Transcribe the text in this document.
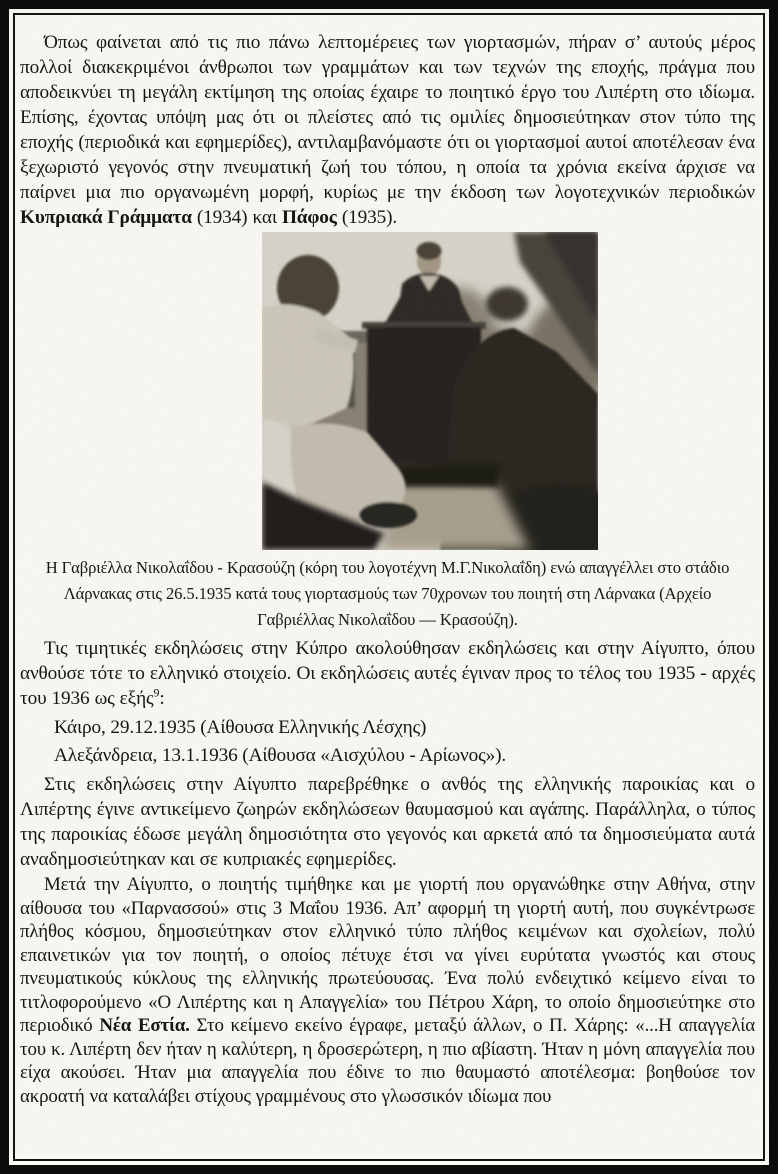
Όπως φαίνεται από τις πιο πάνω λεπτομέρειες των γιορτασμών, πήραν σ’ αυτούς μέρος πολλοί διακεκριμένοι άνθρωποι των γραμμάτων και των τεχνών της εποχής, πράγμα που αποδεικνύει τη μεγάλη εκτίμηση της οποίας έχαιρε το ποιητικό έργο του Λιπέρτη στο ιδίωμα. Επίσης, έχοντας υπόψη μας ότι οι πλείστες από τις ομιλίες δημοσιεύτηκαν στον τύπο της εποχής (περιοδικά και εφημερίδες), αντιλαμβανόμαστε ότι οι γιορτασμοί αυτοί αποτέλεσαν ένα ξεχωριστό γεγονός στην πνευματική ζωή του τόπου, η οποία τα χρόνια εκείνα άρχισε να παίρνει μια πιο οργανωμένη μορφή, κυρίως με την έκδοση των λογοτεχνικών περιοδικών Κυπριακά Γράμματα (1934) και Πάφος (1935).

Η Γαβριέλλα Νικολαΐδου - Κρασούζη (κόρη του λογοτέχνη Μ.Γ.Νικολαΐδη) ενώ απαγγέλλει στο στάδιο Λάρνακας στις 26.5.1935 κατά τους γιορτασμούς των 70χρονων του ποιητή στη Λάρνακα (Αρχείο Γαβριέλλας Νικολαΐδου — Κρασούζη).

Τις τιμητικές εκδηλώσεις στην Κύπρο ακολούθησαν εκδηλώσεις και στην Αίγυπτο, όπου ανθούσε τότε το ελληνικό στοιχείο. Οι εκδηλώσεις αυτές έγιναν προς το τέλος του 1935 - αρχές του 1936 ως εξής$^9$:

Κάιρο, 29.12.1935 (Αίθουσα Ελληνικής Λέσχης)

Αλεξάνδρεια, 13.1.1936 (Αίθουσα «Αισχύλου - Αρίωνος»).

Στις εκδηλώσεις στην Αίγυπτο παρεβρέθηκε ο ανθός της ελληνικής παροικίας και ο Λιπέρτης έγινε αντικείμενο ζωηρών εκδηλώσεων θαυμασμού και αγάπης. Παράλληλα, ο τύπος της παροικίας έδωσε μεγάλη δημοσιότητα στο γεγονός και αρκετά από τα δημοσιεύματα αυτά αναδημοσιεύτηκαν και σε κυπριακές εφημερίδες.

Μετά την Αίγυπτο, ο ποιητής τιμήθηκε και με γιορτή που οργανώθηκε στην Αθήνα, στην αίθουσα του «Παρνασσού» στις 3 Μαΐου 1936. Απ’ αφορμή τη γιορτή αυτή, που συγκέντρωσε πλήθος κόσμου, δημοσιεύτηκαν στον ελληνικό τύπο πλήθος κειμένων και σχολείων, πολύ επαινετικών για τον ποιητή, ο οποίος πέτυχε έτσι να γίνει ευρύτατα γνωστός και στους πνευματικούς κύκλους της ελληνικής πρωτεύουσας. Ένα πολύ ενδειχτικό κείμενο είναι το τιτλοφορούμενο «Ο Λιπέρτης και η Απαγγελία» του Πέτρου Χάρη, το οποίο δημοσιεύτηκε στο περιοδικό Νέα Εστία. Στο κείμενο εκείνο έγραφε, μεταξύ άλλων, ο Π. Χάρης: «...Η απαγγελία του κ. Λιπέρτη δεν ήταν η καλύτερη, η δροσερώτερη, η πιο αβίαστη. Ήταν η μόνη απαγγελία που είχα ακούσει. Ήταν μια απαγγελία που έδινε το πιο θαυμαστό αποτέλεσμα: βοηθούσε τον ακροατή να καταλάβει στίχους γραμμένους στο γλωσσικόν ιδίωμα που
